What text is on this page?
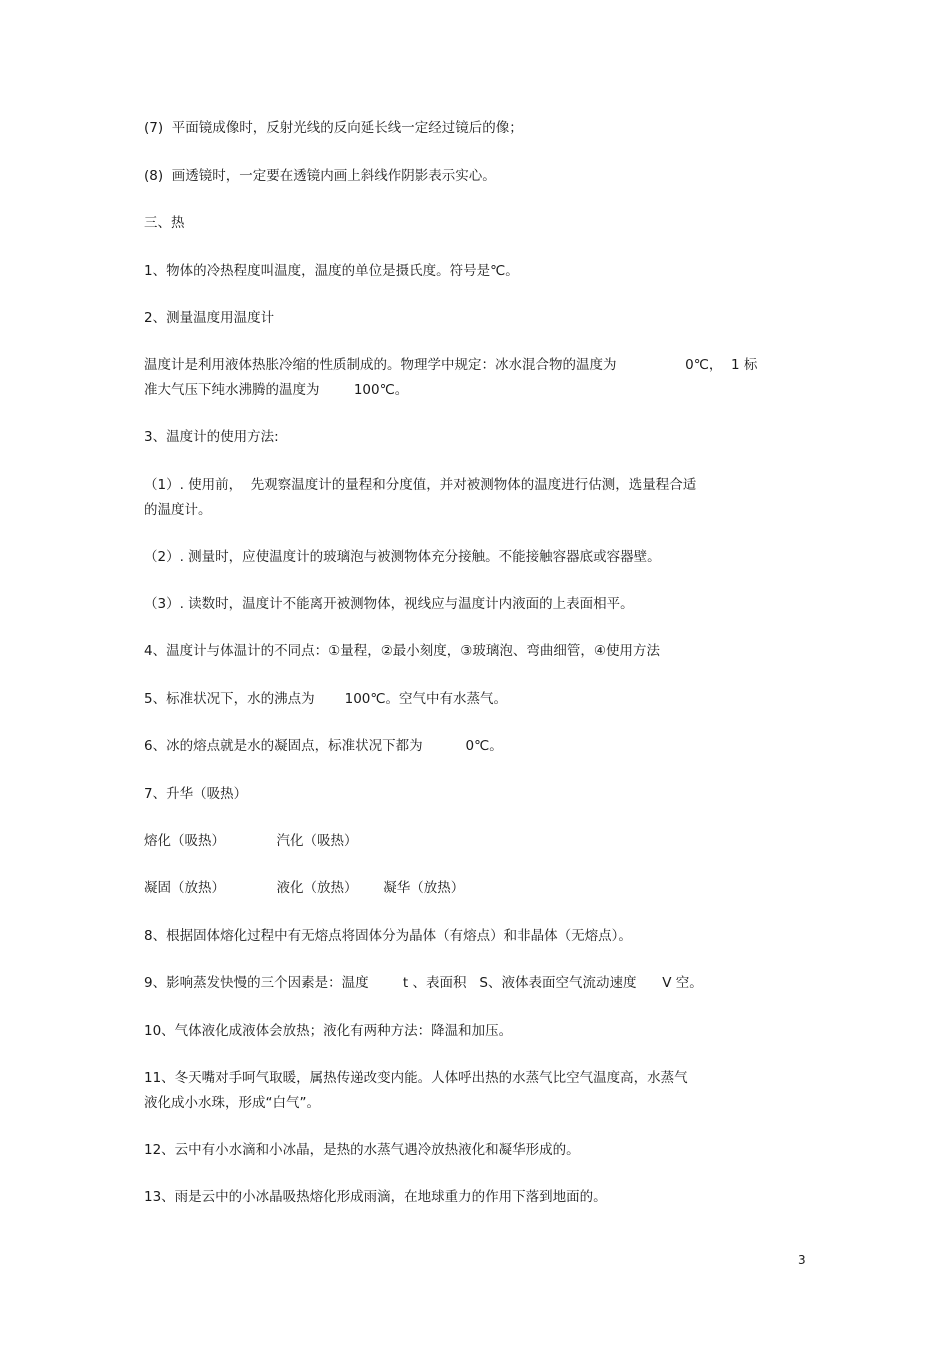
(7)  平面镜成像时，反射光线的反向延长线一定经过镜后的像；
(8)  画透镜时，一定要在透镜内画上斜线作阴影表示实心。
三、热
1、物体的冷热程度叫温度，温度的单位是摄氏度。符号是℃。
2、测量温度用温度计
温度计是利用液体热胀冷缩的性质制成的。物理学中规定：冰水混合物的温度为                0℃，  1 标
准大气压下纯水沸腾的温度为        100℃。
3、温度计的使用方法:
（1）. 使用前，  先观察温度计的量程和分度值，并对被测物体的温度进行估测，选量程合适
的温度计。
（2）. 测量时，应使温度计的玻璃泡与被测物体充分接触。不能接触容器底或容器壁。
（3）. 读数时，温度计不能离开被测物体，视线应与温度计内液面的上表面相平。
4、温度计与体温计的不同点：①量程，②最小刻度，③玻璃泡、弯曲细管，④使用方法
5、标准状况下，水的沸点为       100℃。空气中有水蒸气。
6、冰的熔点就是水的凝固点，标准状况下都为          0℃。
7、升华（吸热）
熔化（吸热）            汽化（吸热）
凝固（放热）            液化（放热）      凝华（放热）
8、根据固体熔化过程中有无熔点将固体分为晶体（有熔点）和非晶体（无熔点）。
9、影响蒸发快慢的三个因素是：温度        t 、表面积   S、液体表面空气流动速度      V 空。
10、气体液化成液体会放热；液化有两种方法：降温和加压。
11、冬天嘴对手呵气取暖，属热传递改变内能。人体呼出热的水蒸气比空气温度高，水蒸气
液化成小水珠，形成“白气”。
12、云中有小水滴和小冰晶，是热的水蒸气遇冷放热液化和凝华形成的。
13、雨是云中的小冰晶吸热熔化形成雨滴，在地球重力的作用下落到地面的。
3
